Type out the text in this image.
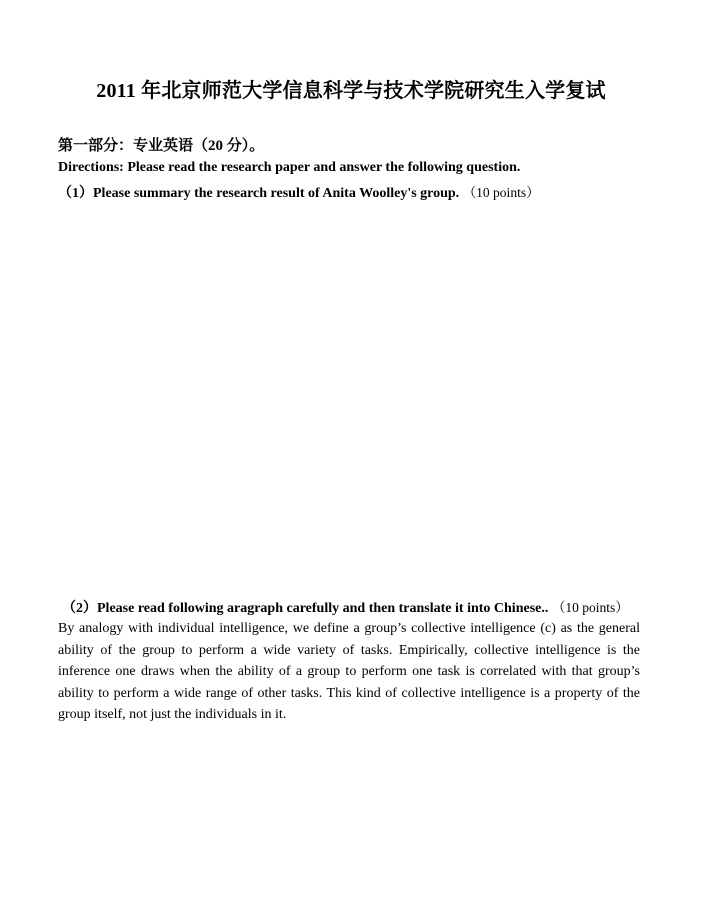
2011 年北京师范大学信息科学与技术学院研究生入学复试
第一部分：专业英语（20 分）。
Directions: Please read the research paper and answer the following question.
（1）Please summary the research result of Anita Woolley's group. （10 points）
（2）Please read following aragraph carefully and then translate it into Chinese.. （10 points）
By analogy with individual intelligence, we define a group’s collective intelligence (c) as the general ability of the group to perform a wide variety of tasks. Empirically, collective intelligence is the inference one draws when the ability of a group to perform one task is correlated with that group’s ability to perform a wide range of other tasks. This kind of collective intelligence is a property of the group itself, not just the individuals in it.
